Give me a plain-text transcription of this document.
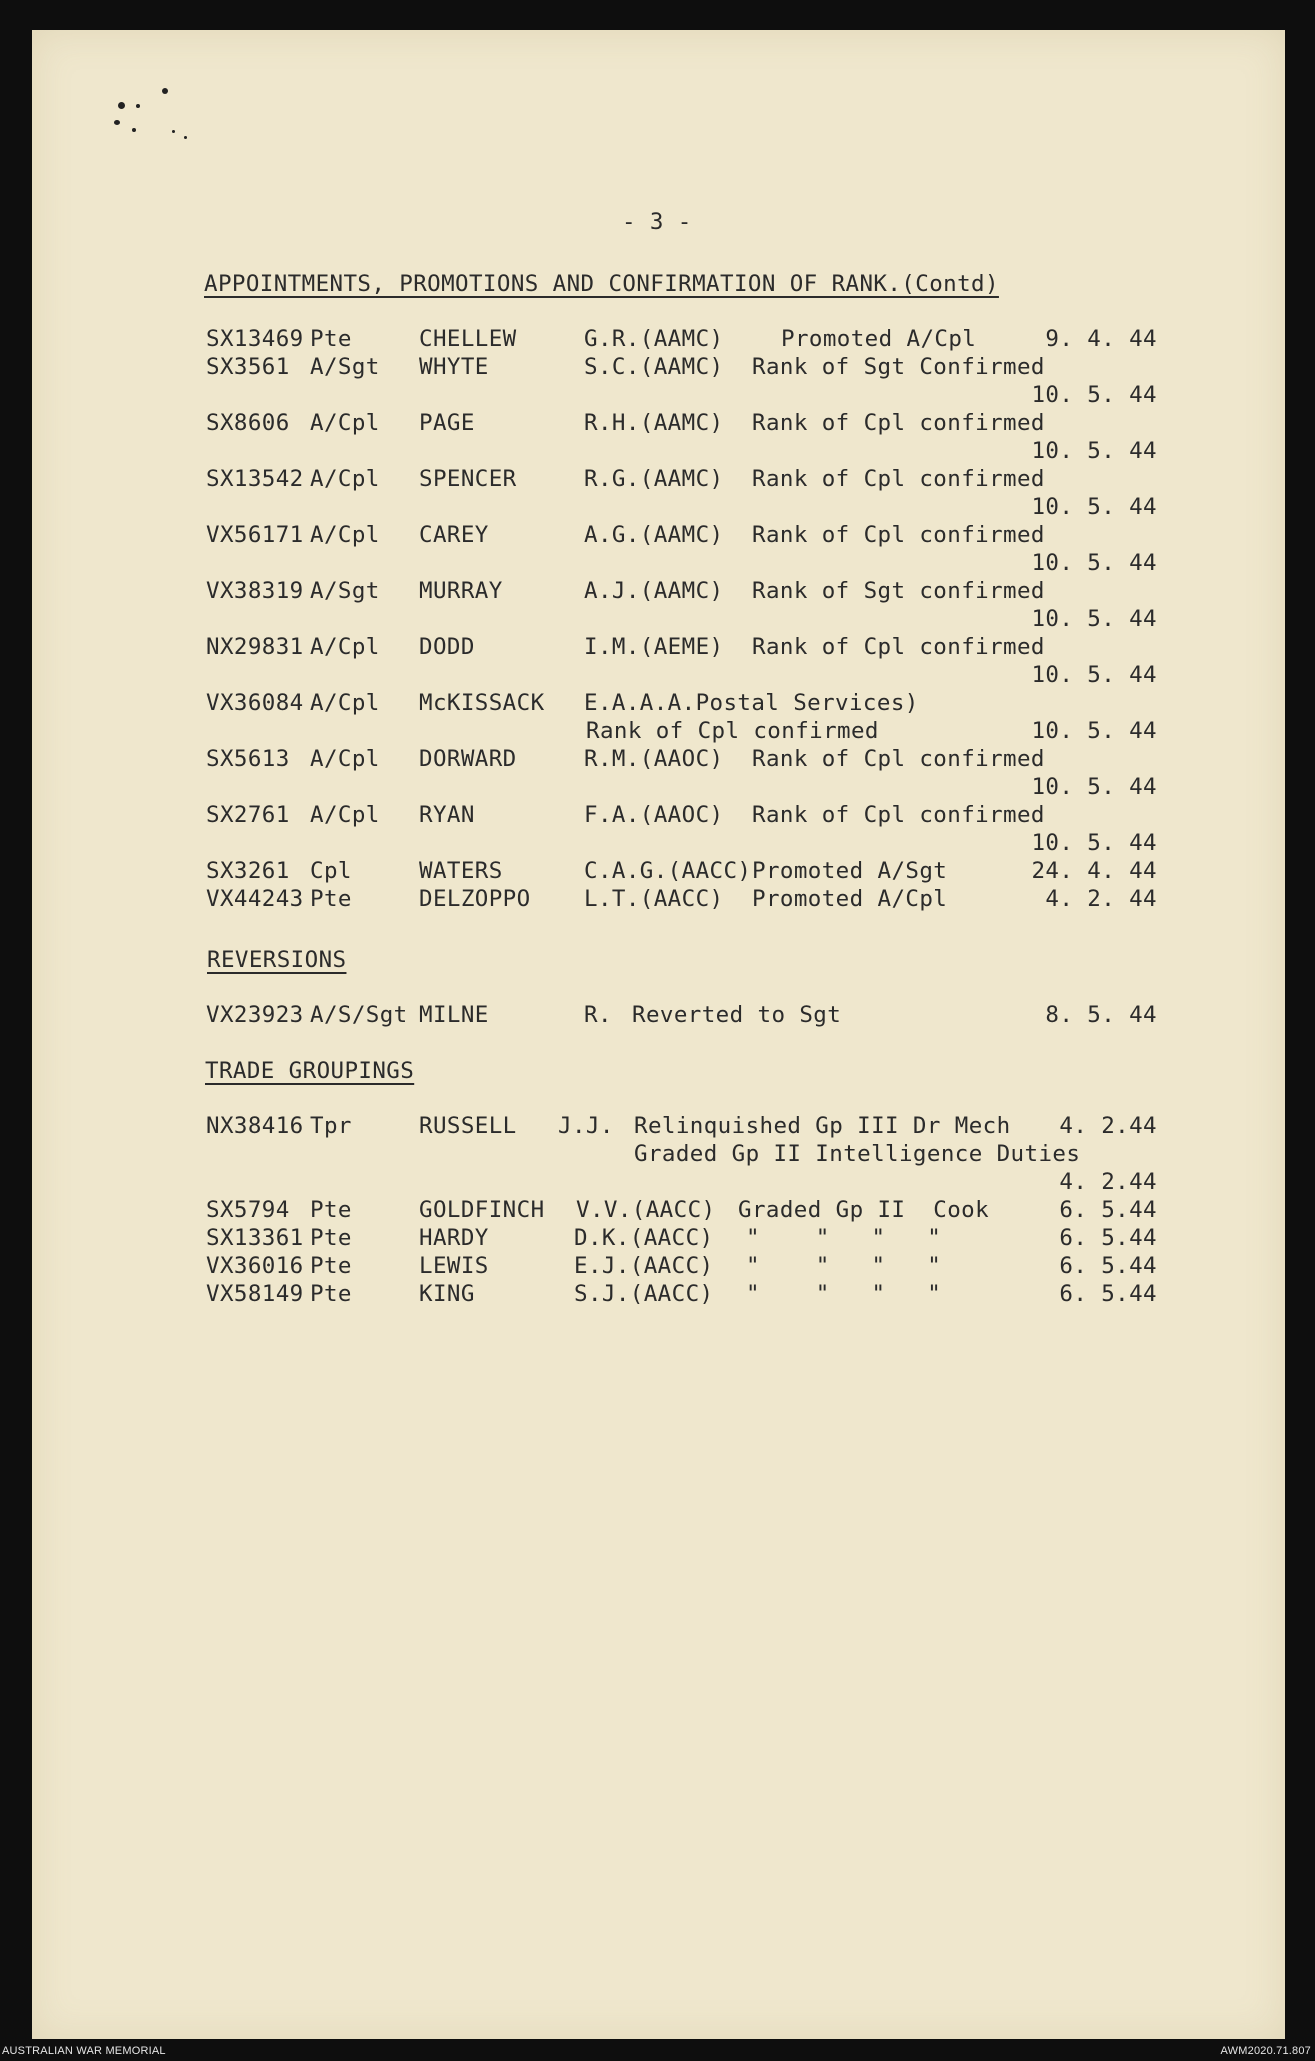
- 3 -
APPOINTMENTS, PROMOTIONS AND CONFIRMATION OF RANK.(Contd)
SX13469 Pte	CHELLEW	G.R.(AAMC)	Promoted A/Cpl	9. 4. 44
SX3561 A/Sgt WHYTE	S.C.(AAMC) Rank of Sgt Confirmed
10. 5. 44
SX8606 A/Cpl PAGE	R.H.(AAMC) Rank of Cpl confirmed
10. 5. 44
SX13542 A/Cpl SPENCER	R.G.(AAMC) Rank of Cpl confirmed
10. 5. 44
VX56171 A/Cpl CAREY	A.G.(AAMC) Rank of Cpl confirmed
10. 5. 44
VX38319 A/Sgt MURRAY	A.J.(AAMC) Rank of Sgt confirmed
10. 5. 44
NX29831 A/Cpl DODD	I.M.(AEME) Rank of Cpl confirmed
10. 5. 44
VX36084 A/Cpl McKISSACK E.A.A.A.Postal Services)
Rank of Cpl confirmed	10. 5. 44
SX5613 A/Cpl DORWARD	R.M.(AAOC) Rank of Cpl confirmed
10. 5. 44
SX2761 A/Cpl RYAN	F.A.(AAOC) Rank of Cpl confirmed
10. 5. 44
SX3261 Cpl	WATERS	C.A.G.(AACC) Promoted A/Sgt	24. 4. 44
VX44243 Pte	DELZOPPO L.T.(AACC) Promoted A/Cpl	4. 2. 44
REVERSIONS
VX23923 A/S/Sgt MILNE	R. Reverted to Sgt	8. 5. 44
TRADE GROUPINGS
NX38416 Tpr	RUSSELL J.J. Relinquished Gp III Dr Mech 4. 2.44
Graded Gp II Intelligence Duties
4. 2.44
SX5794 Pte	GOLDFINCH V.V.(AACC) Graded Gp II  Cook	6. 5.44
SX13361 Pte	HARDY	D.K.(AACC) "    "   "   "	6. 5.44
VX36016 Pte	LEWIS	E.J.(AACC) "    "   "   "	6. 5.44
VX58149 Pte	KING	S.J.(AACC) "    "   "   "	6. 5.44
AUSTRALIAN WAR MEMORIAL	AWM2020.71.807
